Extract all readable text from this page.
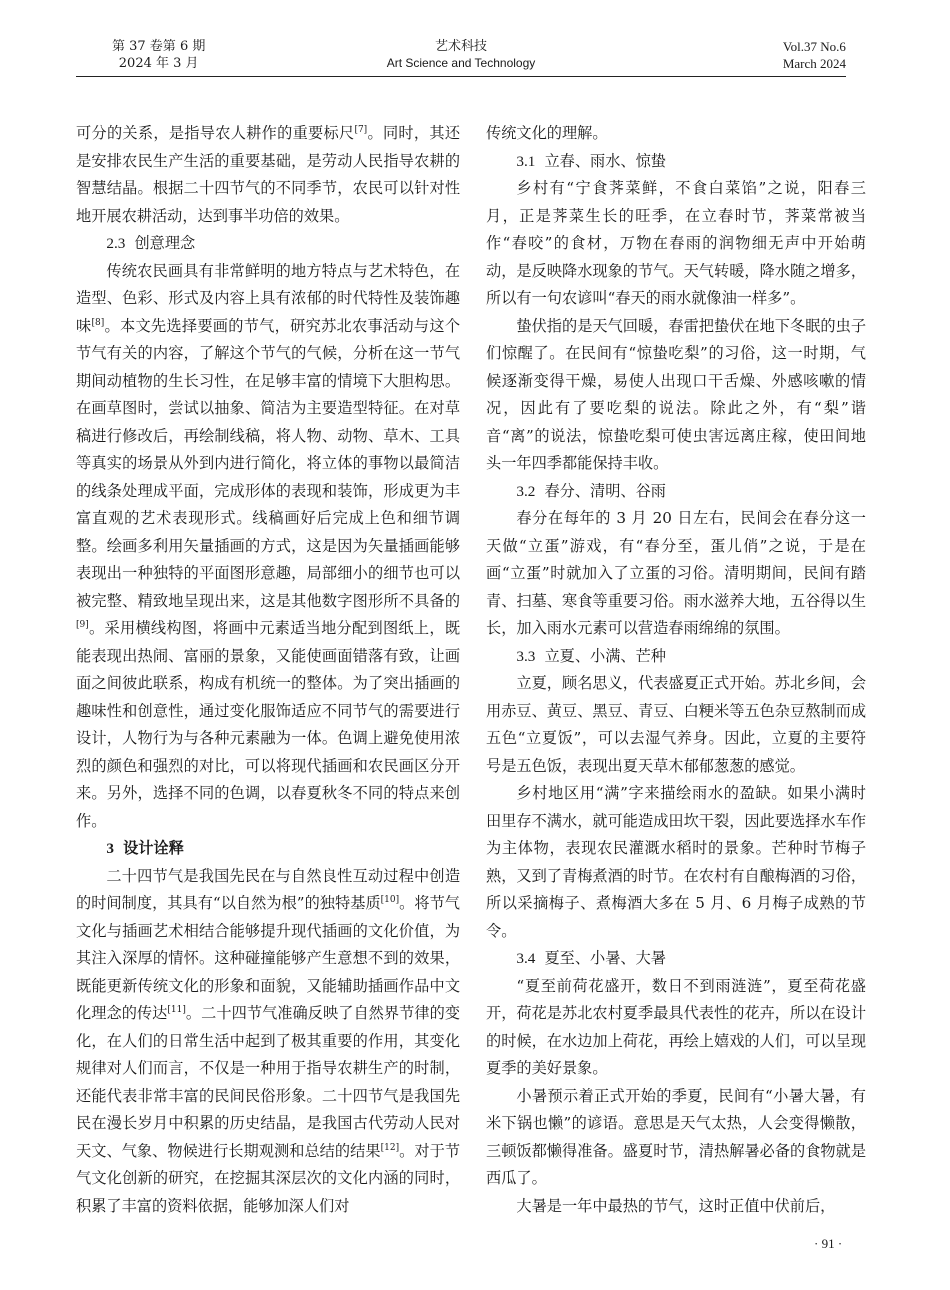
第 37 卷第 6 期
2024 年 3 月
艺术科技
Art Science and Technology
Vol.37 No.6
March 2024

可分的关系，是指导农人耕作的重要标尺[7]。同时，其还是安排农民生产生活的重要基础，是劳动人民指导农耕的智慧结晶。根据二十四节气的不同季节，农民可以针对性地开展农耕活动，达到事半功倍的效果。

2.3 创意理念

传统农民画具有非常鲜明的地方特点与艺术特色，在造型、色彩、形式及内容上具有浓郁的时代特性及装饰趣味[8]。本文先选择要画的节气，研究苏北农事活动与这个节气有关的内容，了解这个节气的气候，分析在这一节气期间动植物的生长习性，在足够丰富的情境下大胆构思。在画草图时，尝试以抽象、简洁为主要造型特征。在对草稿进行修改后，再绘制线稿，将人物、动物、草木、工具等真实的场景从外到内进行简化，将立体的事物以最简洁的线条处理成平面，完成形体的表现和装饰，形成更为丰富直观的艺术表现形式。线稿画好后完成上色和细节调整。绘画多利用矢量插画的方式，这是因为矢量插画能够表现出一种独特的平面图形意趣，局部细小的细节也可以被完整、精致地呈现出来，这是其他数字图形所不具备的[9]。采用横线构图，将画中元素适当地分配到图纸上，既能表现出热闹、富丽的景象，又能使画面错落有致，让画面之间彼此联系，构成有机统一的整体。为了突出插画的趣味性和创意性，通过变化服饰适应不同节气的需要进行设计，人物行为与各种元素融为一体。色调上避免使用浓烈的颜色和强烈的对比，可以将现代插画和农民画区分开来。另外，选择不同的色调，以春夏秋冬不同的特点来创作。

3 设计诠释

二十四节气是我国先民在与自然良性互动过程中创造的时间制度，其具有“以自然为根”的独特基质[10]。将节气文化与插画艺术相结合能够提升现代插画的文化价值，为其注入深厚的情怀。这种碰撞能够产生意想不到的效果，既能更新传统文化的形象和面貌，又能辅助插画作品中文化理念的传达[11]。二十四节气准确反映了自然界节律的变化，在人们的日常生活中起到了极其重要的作用，其变化规律对人们而言，不仅是一种用于指导农耕生产的时制，还能代表非常丰富的民间民俗形象。二十四节气是我国先民在漫长岁月中积累的历史结晶，是我国古代劳动人民对天文、气象、物候进行长期观测和总结的结果[12]。对于节气文化创新的研究，在挖掘其深层次的文化内涵的同时，积累了丰富的资料依据，能够加深人们对

传统文化的理解。

3.1 立春、雨水、惊蛰

乡村有“宁食荠菜鲜，不食白菜馅”之说，阳春三月，正是荠菜生长的旺季，在立春时节，荠菜常被当作“春咬”的食材，万物在春雨的润物细无声中开始萌动，是反映降水现象的节气。天气转暖，降水随之增多，所以有一句农谚叫“春天的雨水就像油一样多”。

蛰伏指的是天气回暖，春雷把蛰伏在地下冬眠的虫子们惊醒了。在民间有“惊蛰吃梨”的习俗，这一时期，气候逐渐变得干燥，易使人出现口干舌燥、外感咳嗽的情况，因此有了要吃梨的说法。除此之外，有“梨”谐音“离”的说法，惊蛰吃梨可使虫害远离庄稼，使田间地头一年四季都能保持丰收。

3.2 春分、清明、谷雨

春分在每年的 3 月 20 日左右，民间会在春分这一天做“立蛋”游戏，有“春分至，蛋儿俏”之说，于是在画“立蛋”时就加入了立蛋的习俗。清明期间，民间有踏青、扫墓、寒食等重要习俗。雨水滋养大地，五谷得以生长，加入雨水元素可以营造春雨绵绵的氛围。

3.3 立夏、小满、芒种

立夏，顾名思义，代表盛夏正式开始。苏北乡间，会用赤豆、黄豆、黑豆、青豆、白粳米等五色杂豆熬制而成五色“立夏饭”，可以去湿气养身。因此，立夏的主要符号是五色饭，表现出夏天草木郁郁葱葱的感觉。

乡村地区用“满”字来描绘雨水的盈缺。如果小满时田里存不满水，就可能造成田坎干裂，因此要选择水车作为主体物，表现农民灌溉水稻时的景象。芒种时节梅子熟，又到了青梅煮酒的时节。在农村有自酿梅酒的习俗，所以采摘梅子、煮梅酒大多在 5 月、6 月梅子成熟的节令。

3.4 夏至、小暑、大暑

“夏至前荷花盛开，数日不到雨涟涟”，夏至荷花盛开，荷花是苏北农村夏季最具代表性的花卉，所以在设计的时候，在水边加上荷花，再绘上嬉戏的人们，可以呈现夏季的美好景象。

小暑预示着正式开始的季夏，民间有“小暑大暑，有米下锅也懒”的谚语。意思是天气太热，人会变得懒散，三顿饭都懒得准备。盛夏时节，清热解暑必备的食物就是西瓜了。

大暑是一年中最热的节气，这时正值中伏前后，

· 91 ·
